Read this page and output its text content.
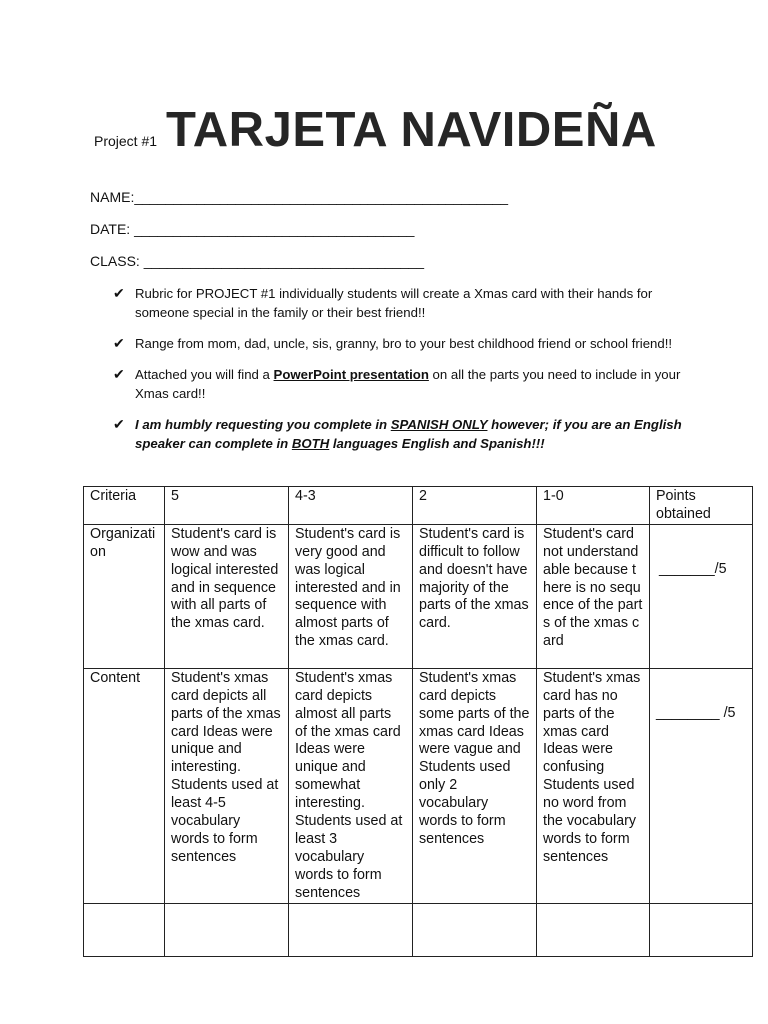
Project #1 TARJETA NAVIDEÑA
NAME:________________________________________________
DATE: ____________________________________
CLASS: ____________________________________
✔ Rubric for PROJECT #1 individually students will create a Xmas card with their hands for someone special in the family or their best friend!!
✔ Range from mom, dad, uncle, sis, granny, bro to your best childhood friend or school friend!!
✔ Attached you will find a PowerPoint presentation on all the parts you need to include in your Xmas card!!
✔ I am humbly requesting you complete in SPANISH ONLY however; if you are an English speaker can complete in BOTH languages English and Spanish!!!
Criteria	5	4-3	2	1-0	Points obtained
Organization	Student's card is wow and was logical interested and in sequence with all parts of the xmas card.	Student's card is very good and was logical interested and in sequence with almost parts of the xmas card.	Student's card is difficult to follow and doesn't have majority of the parts of the xmas card.	Student's card not understandable because there is no sequence of the parts of the xmas card	_______/5

Content	Student's xmas card depicts all parts of the xmas card Ideas were unique and interesting. Students used at least 4-5 vocabulary words to form sentences	Student's xmas card depicts almost all parts of the xmas card Ideas were unique and somewhat interesting. Students used at least 3 vocabulary words to form sentences	Student's xmas card depicts some parts of the xmas card Ideas were vague and Students used only 2 vocabulary words to form sentences	Student's xmas card has no parts of the xmas card Ideas were confusing Students used no word from the vocabulary words to form sentences	________ /5
